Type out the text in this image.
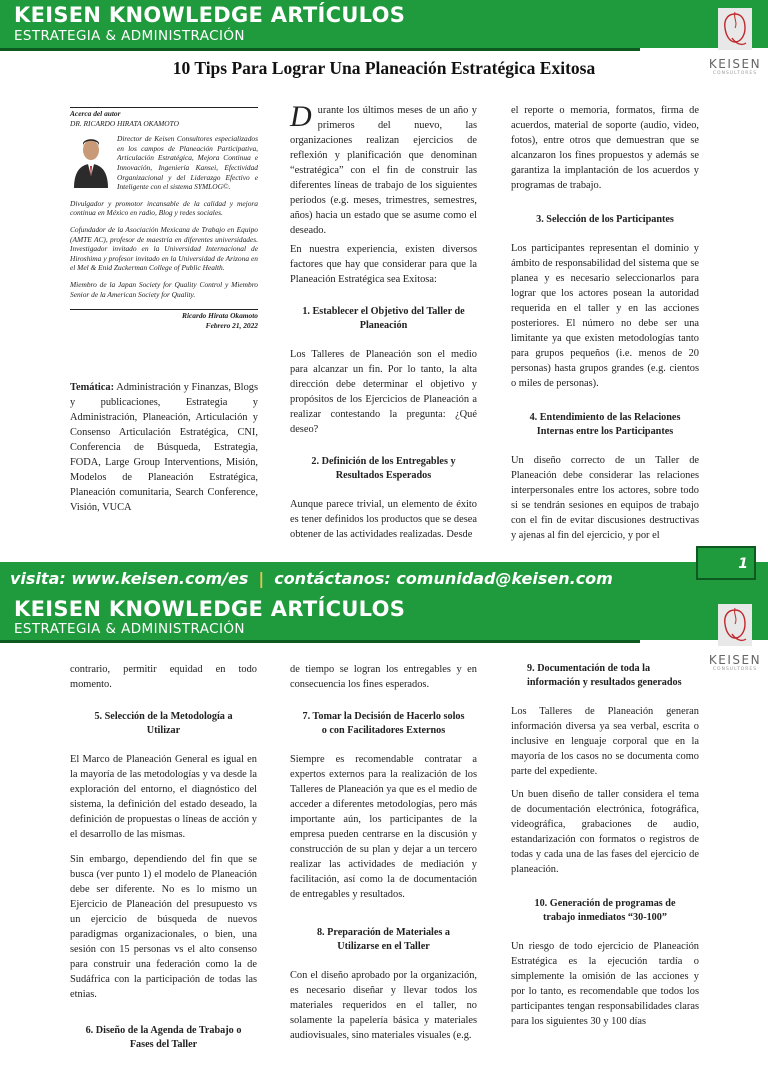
KEISEN KNOWLEDGE ARTÍCULOS
ESTRATEGIA & ADMINISTRACIÓN
KEISEN
CONSULTORES
10 Tips Para Lograr Una Planeación Estratégica Exitosa
Acerca del autor
DR. RICARDO HIRATA OKAMOTO
Director de Keisen Consultores especializados en los campos de Planeación Participativa, Articulación Estratégica, Mejora Continua e Innovación, Ingeniería Kansei, Efectividad Organizacional y del Liderazgo Efectivo e Inteligente con el sistema SYMLOG©.

Divulgador y promotor incansable de la calidad y mejora continua en México en radio, Blog y redes sociales.

Cofundador de la Asociación Mexicana de Trabajo en Equipo (AMTE AC), profesor de maestría en diferentes universidades. Investigador invitado en la Universidad Internacional de Hiroshima y profesor invitado en la Universidad de Arizona en el Mel & Enid Zuckerman College of Public Health.

Miembro de la Japan Society for Quality Control y Miembro Senior de la American Society for Quality.

Ricardo Hirata Okamoto
Febrero 21, 2022
Temática: Administración y Finanzas, Blogs y publicaciones, Estrategia y Administración, Planeación, Articulación y Consenso Articulación Estratégica, CNI, Conferencia de Búsqueda, Estrategia, FODA, Large Group Interventions, Misión, Modelos de Planeación Estratégica, Planeación comunitaria, Search Conference, Visión, VUCA

Durante los últimos meses de un año y primeros del nuevo, las organizaciones realizan ejercicios de reflexión y planificación que denominan “estratégica” con el fin de construir las diferentes líneas de trabajo de los siguientes periodos (e.g. meses, trimestres, semestres, años) hacia un estado que se asume como el deseado.

En nuestra experiencia, existen diversos factores que hay que considerar para que la Planeación Estratégica sea Exitosa:

1. Establecer el Objetivo del Taller de Planeación

Los Talleres de Planeación son el medio para alcanzar un fin. Por lo tanto, la alta dirección debe determinar el objetivo y propósitos de los Ejercicios de Planeación a realizar contestando la pregunta: ¿Qué deseo?

2. Definición de los Entregables y Resultados Esperados

Aunque parece trivial, un elemento de éxito es tener definidos los productos que se desea obtener de las actividades realizadas. Desde

el reporte o memoria, formatos, firma de acuerdos, material de soporte (audio, video, fotos), entre otros que demuestran que se alcanzaron los fines propuestos y además se garantiza la implantación de los acuerdos y programas de trabajo.

3. Selección de los Participantes

Los participantes representan el dominio y ámbito de responsabilidad del sistema que se planea y es necesario seleccionarlos para lograr que los actores posean la autoridad requerida en el taller y en las acciones posteriores. El número no debe ser una limitante ya que existen metodologías tanto para grupos pequeños (i.e. menos de 20 personas) hasta grupos grandes (e.g. cientos o miles de personas).

4. Entendimiento de las Relaciones Internas entre los Participantes

Un diseño correcto de un Taller de Planeación debe considerar las relaciones interpersonales entre los actores, sobre todo si se tendrán sesiones en equipos de trabajo con el fin de evitar discusiones destructivas y ajenas al fin del ejercicio, y por el

visita: www.keisen.com/es | contáctanos: comunidad@keisen.com
1
KEISEN KNOWLEDGE ARTÍCULOS
ESTRATEGIA & ADMINISTRACIÓN
KEISEN
CONSULTORES

contrario, permitir equidad en todo momento.

5. Selección de la Metodología a Utilizar

El Marco de Planeación General es igual en la mayoría de las metodologías y va desde la exploración del entorno, el diagnóstico del sistema, la definición del estado deseado, la definición de propuestas o líneas de acción y el desarrollo de las mismas.

Sin embargo, dependiendo del fin que se busca (ver punto 1) el modelo de Planeación debe ser diferente. No es lo mismo un Ejercicio de Planeación del presupuesto vs un ejercicio de búsqueda de nuevos paradigmas organizacionales, o bien, una sesión con 15 personas vs el alto consenso para construir una federación como la de Sudáfrica con la participación de todas las etnias.

6. Diseño de la Agenda de Trabajo o Fases del Taller

de tiempo se logran los entregables y en consecuencia los fines esperados.

7. Tomar la Decisión de Hacerlo solos o con Facilitadores Externos

Siempre es recomendable contratar a expertos externos para la realización de los Talleres de Planeación ya que es el medio de acceder a diferentes metodologías, pero más importante aún, los participantes de la empresa pueden centrarse en la discusión y construcción de su plan y dejar a un tercero realizar las actividades de mediación y facilitación, así como la de documentación de entregables y resultados.

8. Preparación de Materiales a Utilizarse en el Taller

Con el diseño aprobado por la organización, es necesario diseñar y llevar todos los materiales requeridos en el taller, no solamente la papelería básica y materiales audiovisuales, sino materiales visuales (e.g.

9. Documentación de toda la información y resultados generados

Los Talleres de Planeación generan información diversa ya sea verbal, escrita o inclusive en lenguaje corporal que en la mayoría de los casos no se documenta como parte del expediente.

Un buen diseño de taller considera el tema de documentación electrónica, fotográfica, videográfica, grabaciones de audio, estandarización con formatos o registros de todas y cada una de las fases del ejercicio de planeación.

10. Generación de programas de trabajo inmediatos “30-100”

Un riesgo de todo ejercicio de Planeación Estratégica es la ejecución tardía o simplemente la omisión de las acciones y por lo tanto, es recomendable que todos los participantes tengan responsabilidades claras para los siguientes 30 y 100 días
